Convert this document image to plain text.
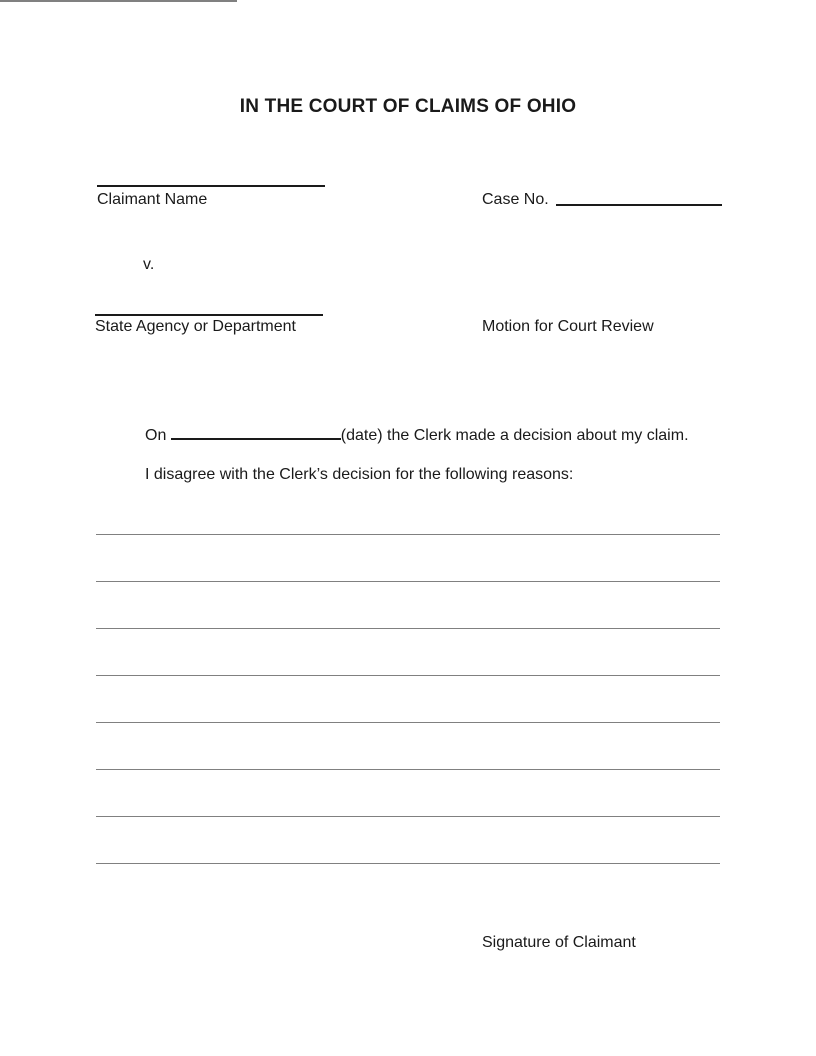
IN THE COURT OF CLAIMS OF OHIO
Claimant Name	Case No.
v.
State Agency or Department	Motion for Court Review
On	(date) the Clerk made a decision about my claim.
I disagree with the Clerk’s decision for the following reasons:
Signature of Claimant
